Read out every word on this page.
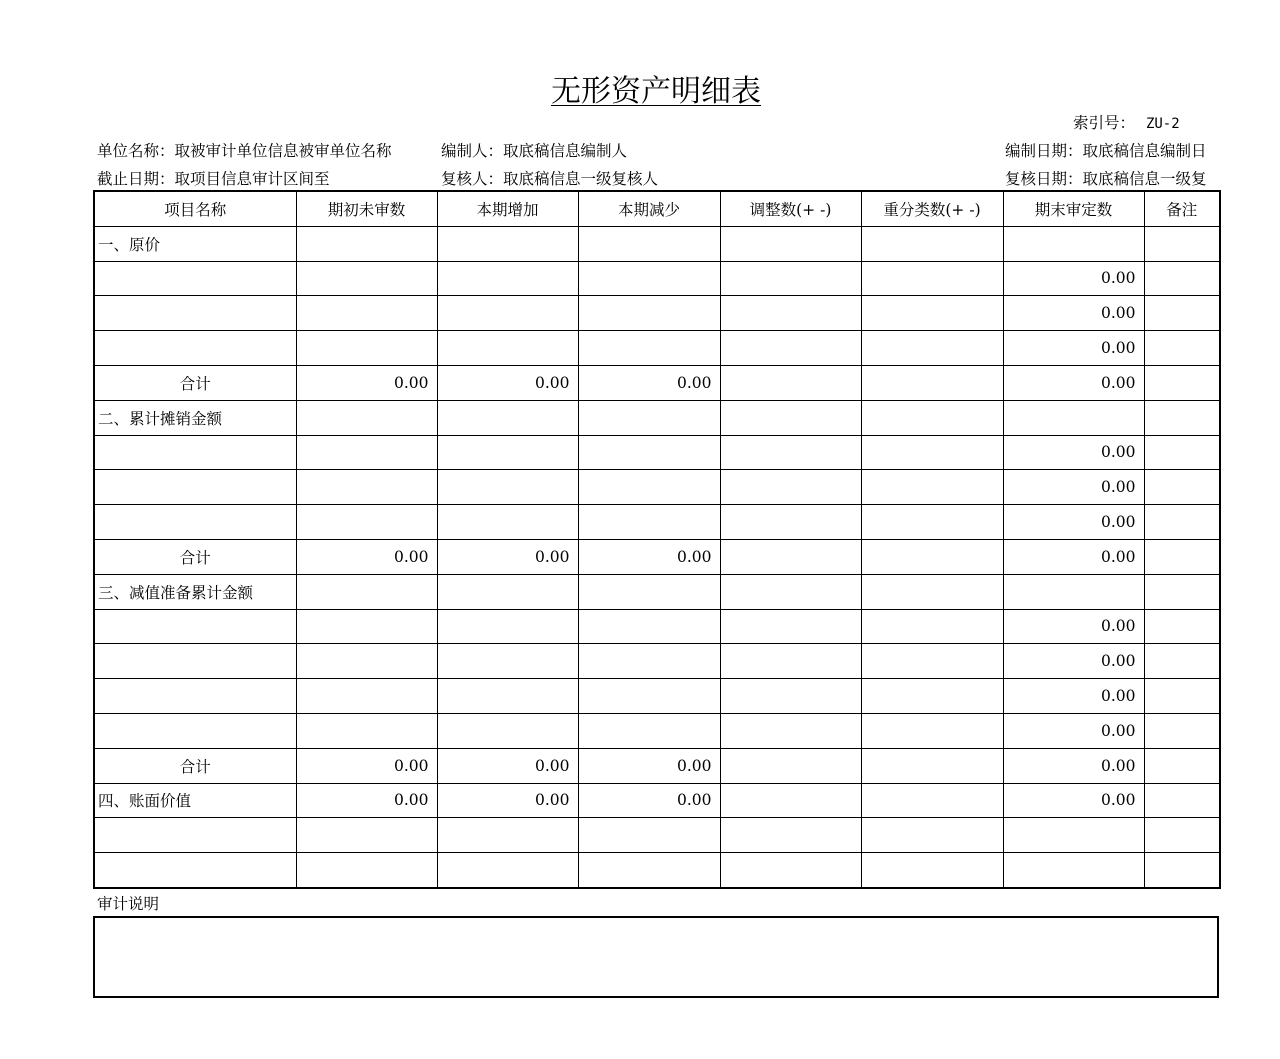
无形资产明细表
索引号： ZU-2
单位名称：取被审计单位信息被审单位名称	编制人：取底稿信息编制人	编制日期：取底稿信息编制日
截止日期：取项目信息审计区间至	复核人：取底稿信息一级复核人	复核日期：取底稿信息一级复
项目名称	期初未审数	本期增加	本期减少	调整数(+ -)	重分类数(+ -)	期末审定数	备注
一、原价							
						0.00	
						0.00	
						0.00	
合计	0.00	0.00	0.00			0.00	
二、累计摊销金额							
						0.00	
						0.00	
						0.00	
合计	0.00	0.00	0.00			0.00	
三、减值准备累计金额							
						0.00	
						0.00	
						0.00	
						0.00	
合计	0.00	0.00	0.00			0.00	
四、账面价值	0.00	0.00	0.00			0.00	

审计说明
